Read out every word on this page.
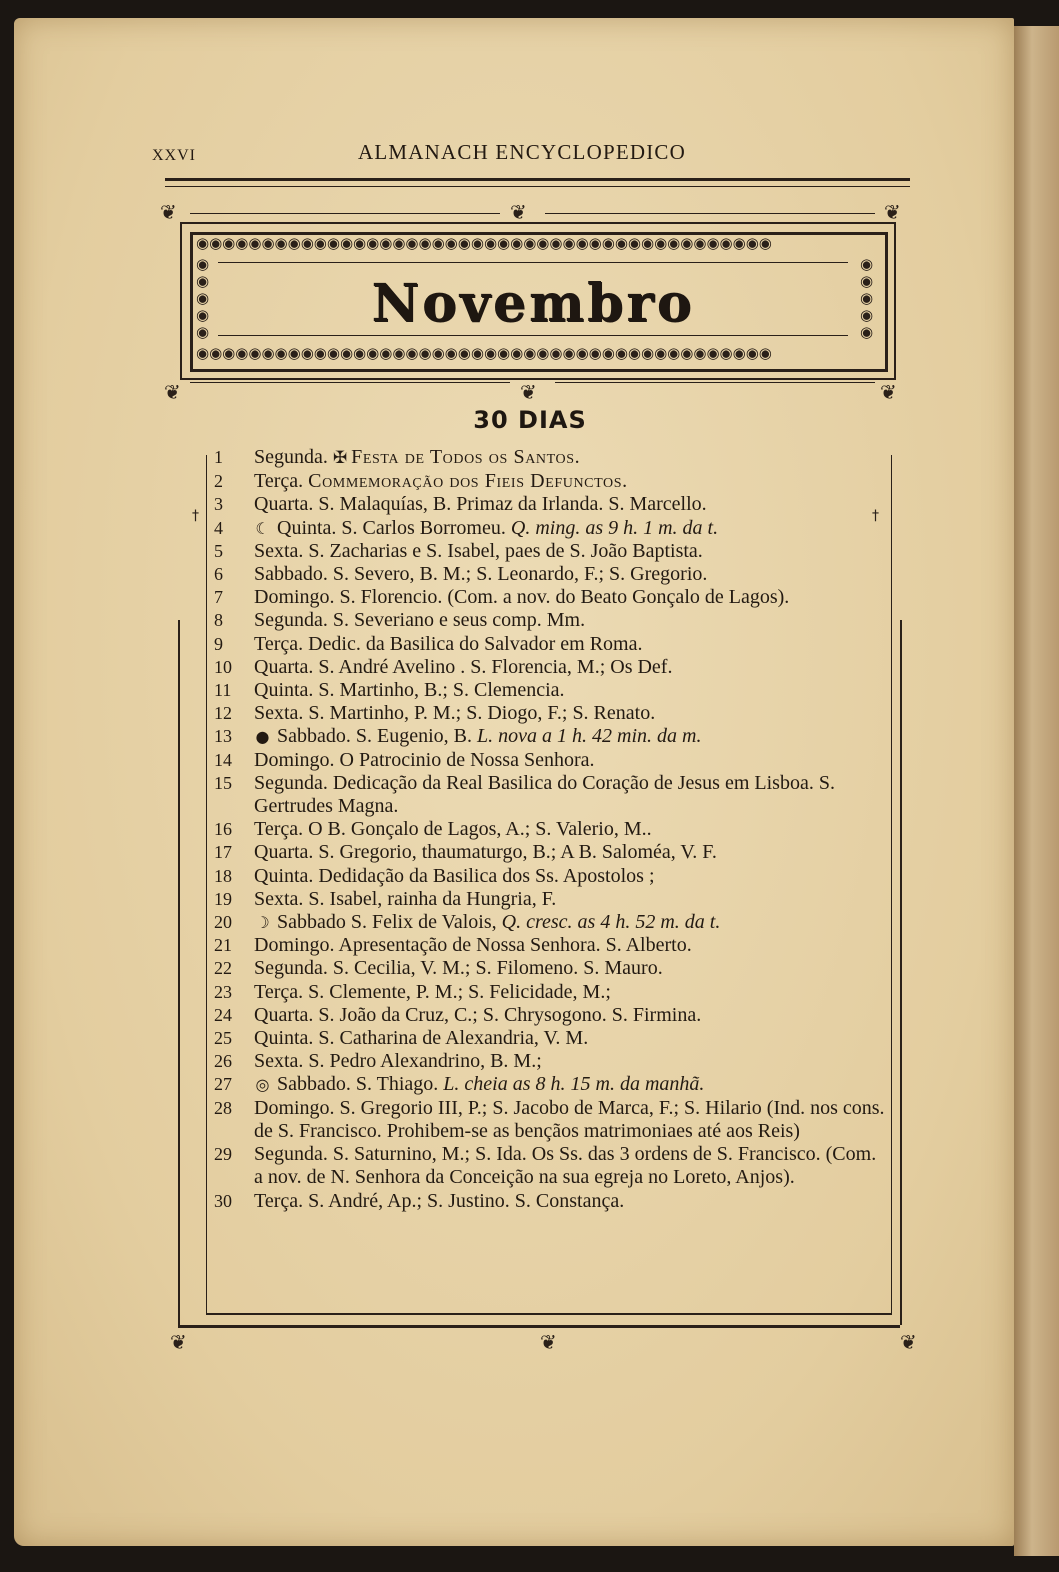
XXVI	ALMANACH ENCYCLOPEDICO
❦	❦	❦
◉◉◉◉◉◉◉◉◉◉◉◉◉◉◉◉◉◉◉◉◉◉◉◉◉◉◉◉◉◉◉◉◉◉◉◉◉◉◉◉◉◉◉◉
◉◉◉◉◉◉◉◉◉◉◉◉◉◉◉◉◉◉◉◉◉◉◉◉◉◉◉◉◉◉◉◉◉◉◉◉◉◉◉◉◉◉◉◉
◉ ◉ ◉ ◉ ◉
◉ ◉ ◉ ◉ ◉
Novembro
❦	❦	❦
30 DIAS
❦	❦	❦
†	†
1	Segunda. ✠ Festa de Todos os Santos.
2	Terça. Commemoração dos Fieis Defunctos.
3	Quarta. S. Malaquías, B. Primaz da Irlanda. S. Marcello.
4	☾ Quinta. S. Carlos Borromeu. Q. ming. as 9 h. 1 m. da t.
5	Sexta. S. Zacharias e S. Isabel, paes de S. João Baptista.
6	Sabbado. S. Severo, B. M.; S. Leonardo, F.; S. Gregorio.
7	Domingo. S. Florencio. (Com. a nov. do Beato Gonçalo de Lagos).
8	Segunda. S. Severiano e seus comp. Mm.
9	Terça. Dedic. da Basilica do Salvador em Roma.
10	Quarta. S. André Avelino . S. Florencia, M.; Os Def.
11	Quinta. S. Martinho, B.; S. Clemencia.
12	Sexta. S. Martinho, P. M.; S. Diogo, F.; S. Renato.
13	● Sabbado. S. Eugenio, B. L. nova a 1 h. 42 min. da m.
14	Domingo. O Patrocinio de Nossa Senhora.
15	Segunda. Dedicação da Real Basilica do Coração de Jesus em Lisboa. S. Gertrudes Magna.
16	Terça. O B. Gonçalo de Lagos, A.; S. Valerio, M..
17	Quarta. S. Gregorio, thaumaturgo, B.; A B. Saloméa, V. F.
18	Quinta. Dedidação da Basilica dos Ss. Apostolos ;
19	Sexta. S. Isabel, rainha da Hungria, F.
20	☽ Sabbado S. Felix de Valois, Q. cresc. as 4 h. 52 m. da t.
21	Domingo. Apresentação de Nossa Senhora. S. Alberto.
22	Segunda. S. Cecilia, V. M.; S. Filomeno. S. Mauro.
23	Terça. S. Clemente, P. M.; S. Felicidade, M.;
24	Quarta. S. João da Cruz, C.; S. Chrysogono. S. Firmina.
25	Quinta. S. Catharina de Alexandria, V. M.
26	Sexta. S. Pedro Alexandrino, B. M.;
27	◎ Sabbado. S. Thiago. L. cheia as 8 h. 15 m. da manhã.
28	Domingo. S. Gregorio III, P.; S. Jacobo de Marca, F.; S. Hilario (Ind. nos cons. de S. Francisco. Prohibem-se as bençãos matrimoniaes até aos Reis)
29	Segunda. S. Saturnino, M.; S. Ida. Os Ss. das 3 ordens de S. Francisco. (Com. a nov. de N. Senhora da Conceição na sua egreja no Loreto, Anjos).
30	Terça. S. André, Ap.; S. Justino. S. Constança.
